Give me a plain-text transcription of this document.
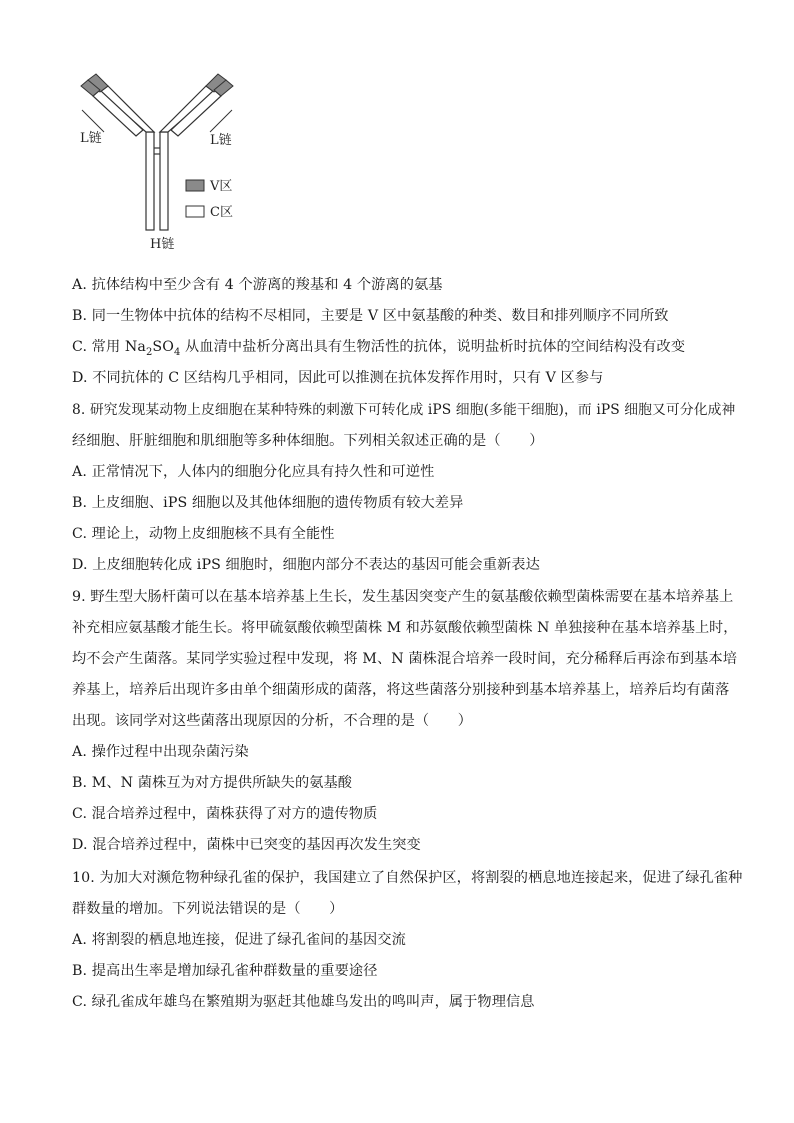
L链	L链
H链
V区
C区
A. 抗体结构中至少含有 4 个游离的羧基和 4 个游离的氨基
B. 同一生物体中抗体的结构不尽相同，主要是 V 区中氨基酸的种类、数目和排列顺序不同所致
C. 常用 $Na_2SO_4$ 从血清中盐析分离出具有生物活性的抗体，说明盐析时抗体的空间结构没有改变
D. 不同抗体的 C 区结构几乎相同，因此可以推测在抗体发挥作用时，只有 V 区参与
8. 研究发现某动物上皮细胞在某种特殊的刺激下可转化成 iPS 细胞(多能干细胞)，而 iPS 细胞又可分化成神
经细胞、肝脏细胞和肌细胞等多种体细胞。下列相关叙述正确的是（　　）
A. 正常情况下，人体内的细胞分化应具有持久性和可逆性
B. 上皮细胞、iPS 细胞以及其他体细胞的遗传物质有较大差异
C. 理论上，动物上皮细胞核不具有全能性
D. 上皮细胞转化成 iPS 细胞时，细胞内部分不表达的基因可能会重新表达
9. 野生型大肠杆菌可以在基本培养基上生长，发生基因突变产生的氨基酸依赖型菌株需要在基本培养基上
补充相应氨基酸才能生长。将甲硫氨酸依赖型菌株 M 和苏氨酸依赖型菌株 N 单独接种在基本培养基上时，
均不会产生菌落。某同学实验过程中发现，将 M、N 菌株混合培养一段时间，充分稀释后再涂布到基本培
养基上，培养后出现许多由单个细菌形成的菌落，将这些菌落分别接种到基本培养基上，培养后均有菌落
出现。该同学对这些菌落出现原因的分析，不合理的是（　　）
A. 操作过程中出现杂菌污染
B. M、N 菌株互为对方提供所缺失的氨基酸
C. 混合培养过程中，菌株获得了对方的遗传物质
D. 混合培养过程中，菌株中已突变的基因再次发生突变
10. 为加大对濒危物种绿孔雀的保护，我国建立了自然保护区，将割裂的栖息地连接起来，促进了绿孔雀种
群数量的增加。下列说法错误的是（　　）
A. 将割裂的栖息地连接，促进了绿孔雀间的基因交流
B. 提高出生率是增加绿孔雀种群数量的重要途径
C. 绿孔雀成年雄鸟在繁殖期为驱赶其他雄鸟发出的鸣叫声，属于物理信息
